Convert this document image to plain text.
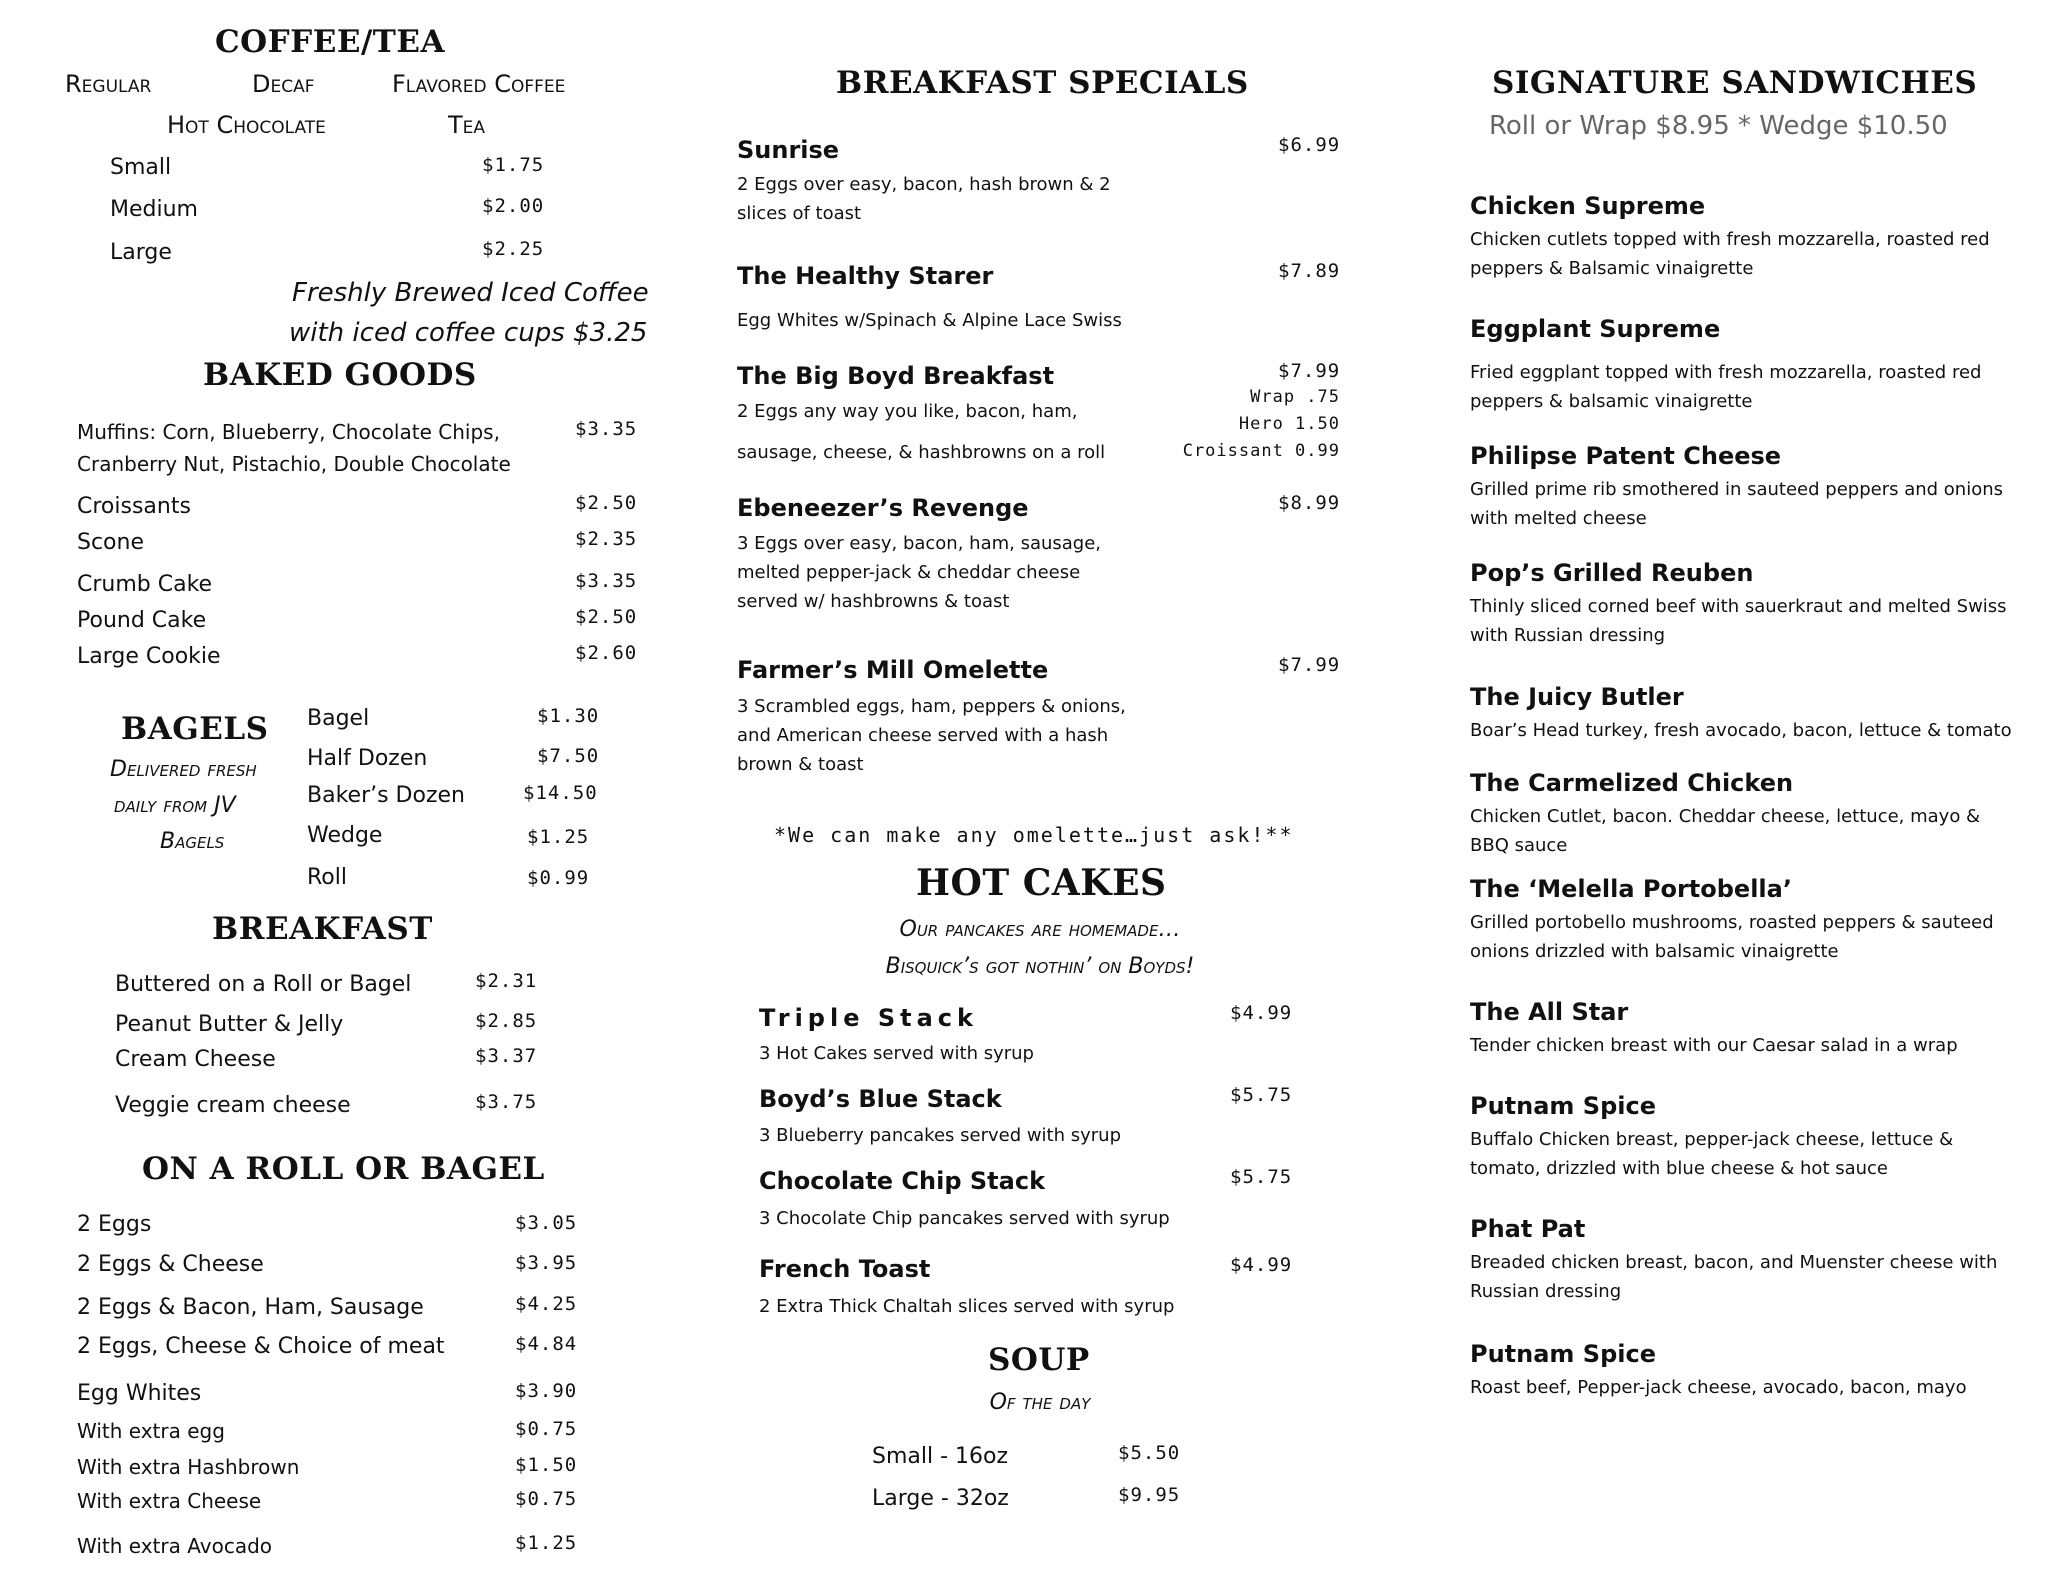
COFFEE/TEA
Regular	Decaf	Flavored Coffee
Hot Chocolate	Tea
Small	$1.75
Medium	$2.00
Large	$2.25
Freshly Brewed Iced Coffee
with iced coffee cups $3.25
BAKED GOODS
Muffins: Corn, Blueberry, Chocolate Chips,
Cranberry Nut, Pistachio, Double Chocolate
$3.35
Croissants	$2.50
Scone	$2.35
Crumb Cake	$3.35
Pound Cake	$2.50
Large Cookie	$2.60
BAGELS
Delivered fresh
daily from JV
Bagels
Bagel	$1.30
Half Dozen	$7.50
Baker’s Dozen	$14.50
Wedge	$1.25
Roll	$0.99
BREAKFAST
Buttered on a Roll or Bagel	$2.31
Peanut Butter & Jelly	$2.85
Cream Cheese	$3.37
Veggie cream cheese	$3.75
ON A ROLL OR BAGEL
2 Eggs	$3.05
2 Eggs & Cheese	$3.95
2 Eggs & Bacon, Ham, Sausage	$4.25
2 Eggs, Cheese & Choice of meat	$4.84
Egg Whites	$3.90
With extra egg	$0.75
With extra Hashbrown	$1.50
With extra Cheese	$0.75
With extra Avocado	$1.25
BREAKFAST SPECIALS
Sunrise	$6.99
2 Eggs over easy, bacon, hash brown & 2 slices of toast
The Healthy Starer	$7.89
Egg Whites w/Spinach & Alpine Lace Swiss
The Big Boyd Breakfast	$7.99
2 Eggs any way you like, bacon, ham,
sausage, cheese, & hashbrowns on a roll
Wrap .75
Hero 1.50
Croissant 0.99
Ebeneezer’s Revenge	$8.99
3 Eggs over easy, bacon, ham, sausage, melted pepper-jack & cheddar cheese served w/ hashbrowns & toast
Farmer’s Mill Omelette	$7.99
3 Scrambled eggs, ham, peppers & onions, and American cheese served with a hash brown & toast
*We can make any omelette…just ask!**
HOT CAKES
Our pancakes are homemade…
Bisquick’s got nothin’ on Boyds!
Triple Stack	$4.99
3 Hot Cakes served with syrup
Boyd’s Blue Stack	$5.75
3 Blueberry pancakes served with syrup
Chocolate Chip Stack	$5.75
3 Chocolate Chip pancakes served with syrup
French Toast	$4.99
2 Extra Thick Chaltah slices served with syrup
SOUP
Of the day
Small - 16oz	$5.50
Large - 32oz	$9.95
SIGNATURE SANDWICHES
Roll or Wrap $8.95 * Wedge $10.50
Chicken Supreme
Chicken cutlets topped with fresh mozzarella, roasted red peppers & Balsamic vinaigrette
Eggplant Supreme
Fried eggplant topped with fresh mozzarella, roasted red peppers & balsamic vinaigrette
Philipse Patent Cheese
Grilled prime rib smothered in sauteed peppers and onions with melted cheese
Pop’s Grilled Reuben
Thinly sliced corned beef with sauerkraut and melted Swiss with Russian dressing
The Juicy Butler
Boar’s Head turkey, fresh avocado, bacon, lettuce & tomato
The Carmelized Chicken
Chicken Cutlet, bacon. Cheddar cheese, lettuce, mayo & BBQ sauce
The ‘Melella Portobella’
Grilled portobello mushrooms, roasted peppers & sauteed onions drizzled with balsamic vinaigrette
The All Star
Tender chicken breast with our Caesar salad in a wrap
Putnam Spice
Buffalo Chicken breast, pepper-jack cheese, lettuce & tomato, drizzled with blue cheese & hot sauce
Phat Pat
Breaded chicken breast, bacon, and Muenster cheese with Russian dressing
Putnam Spice
Roast beef, Pepper-jack cheese, avocado, bacon, mayo
